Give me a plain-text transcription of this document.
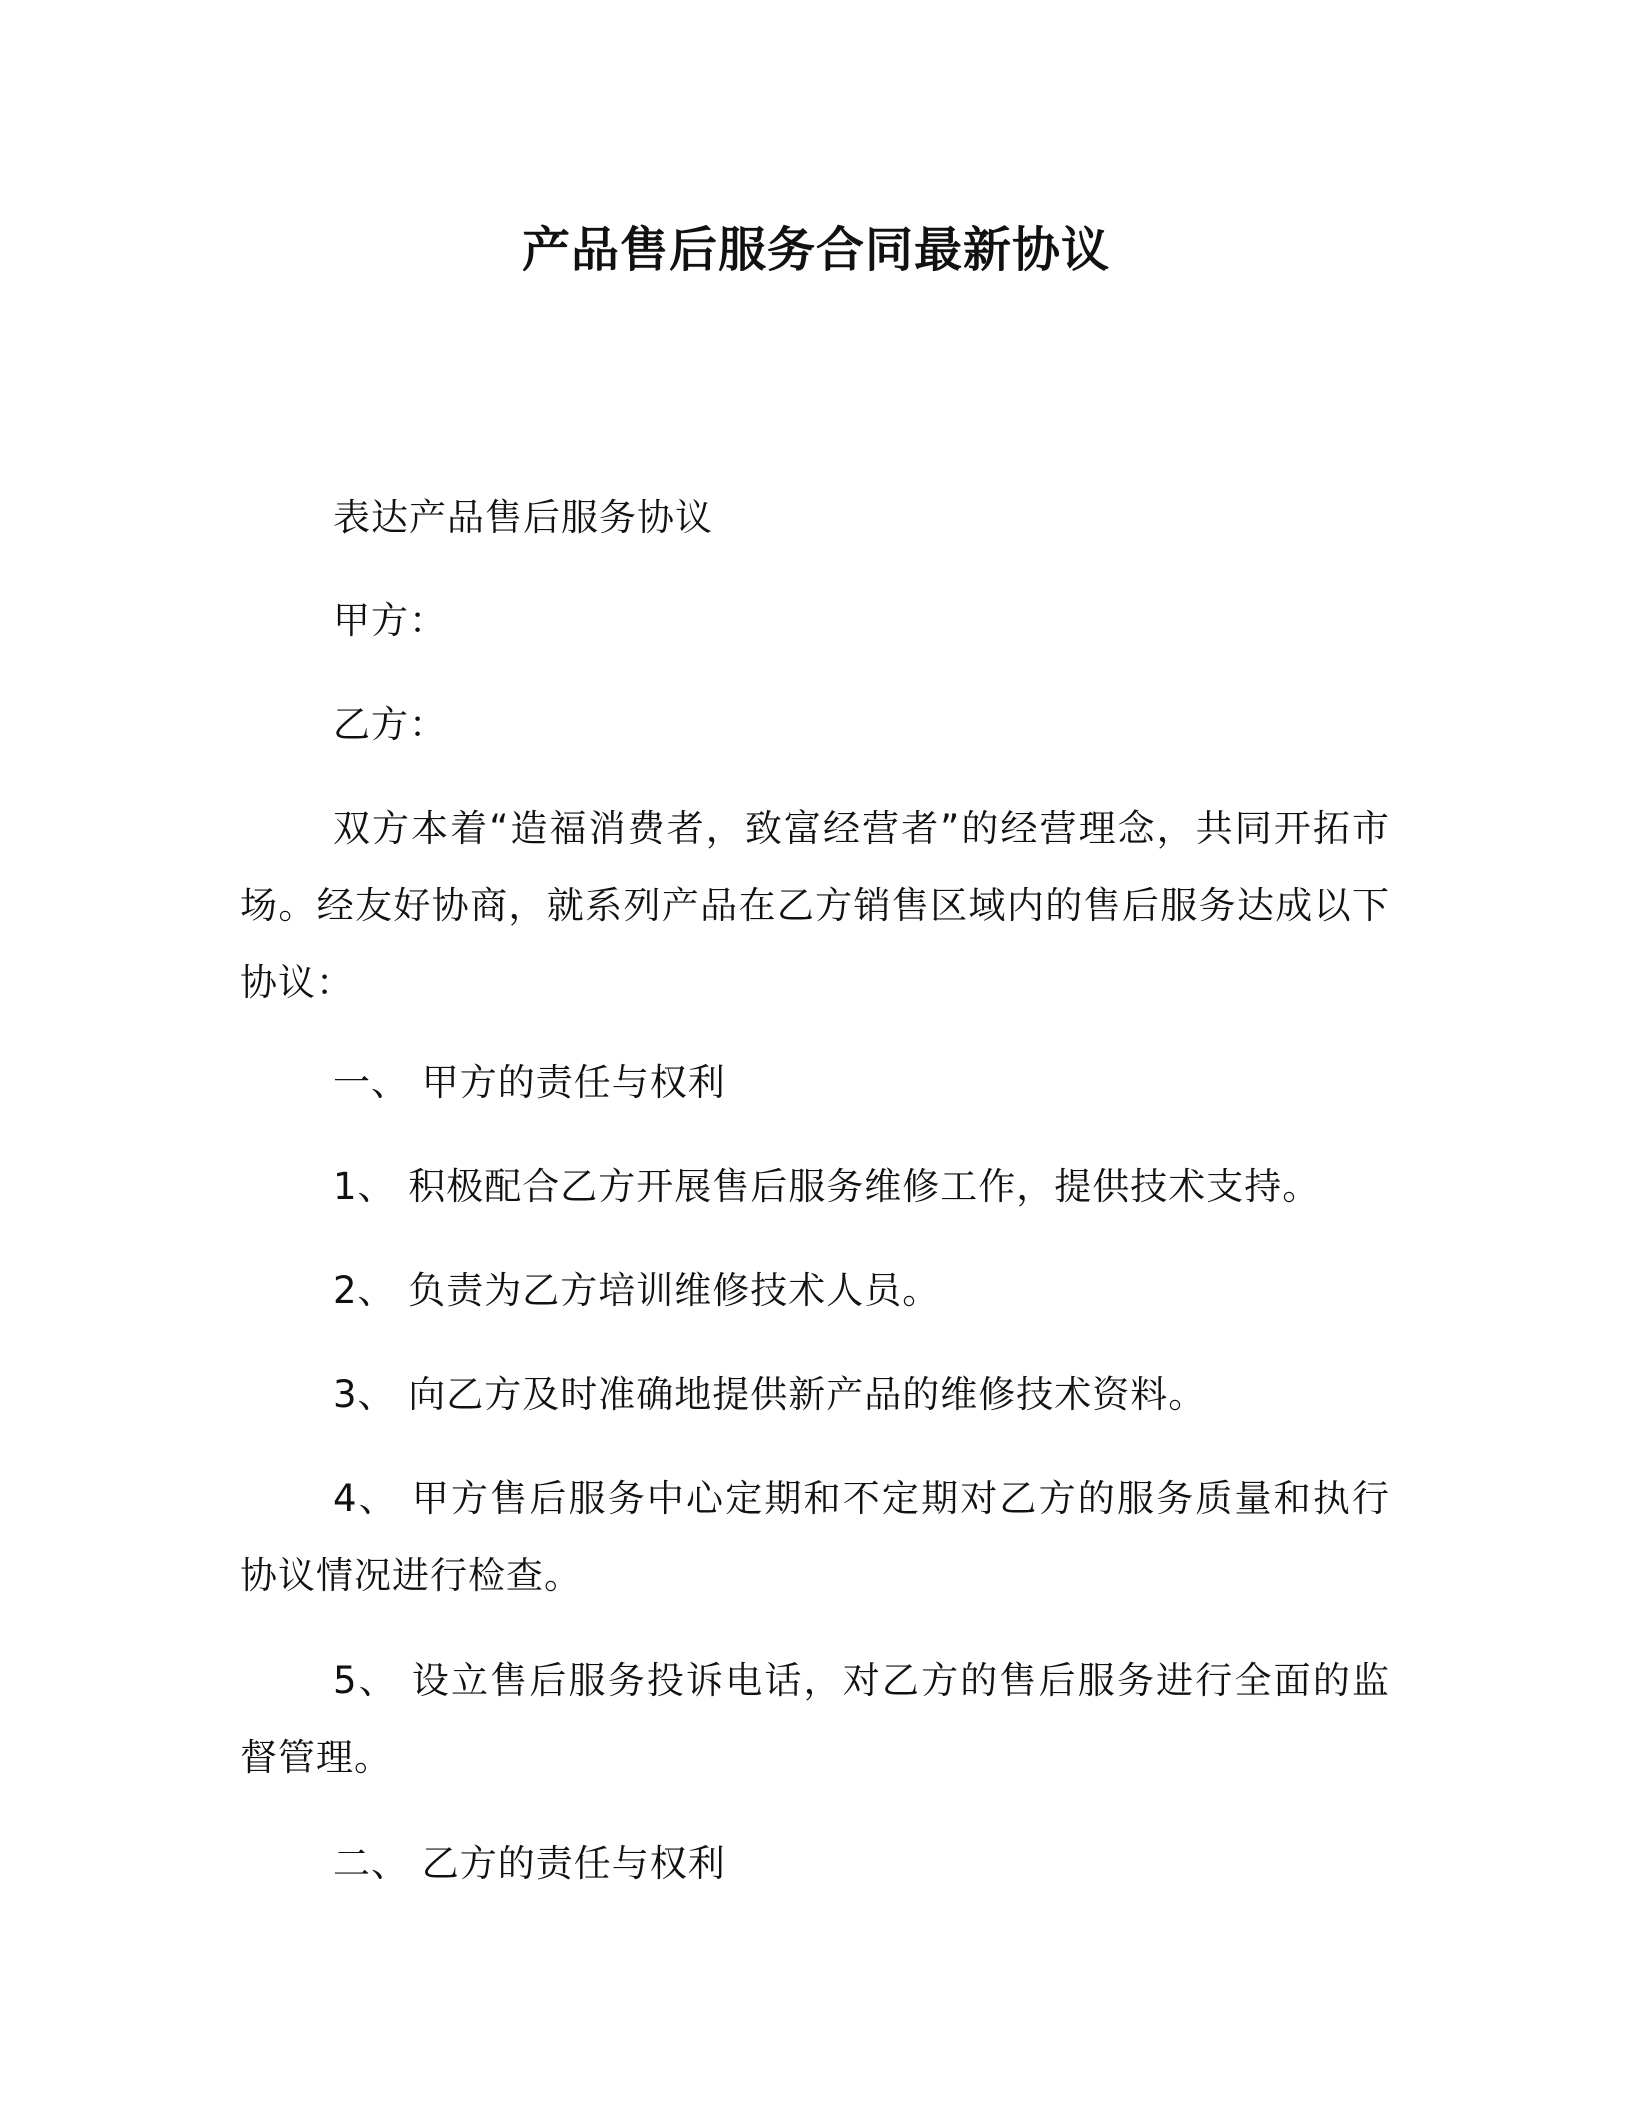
产品售后服务合同最新协议
表达产品售后服务协议
甲方：
乙方：
双方本着“造福消费者，致富经营者”的经营理念，共同开拓市场。经友好协商，就系列产品在乙方销售区域内的售后服务达成以下协议：
一、 甲方的责任与权利
1、 积极配合乙方开展售后服务维修工作，提供技术支持。
2、 负责为乙方培训维修技术人员。
3、 向乙方及时准确地提供新产品的维修技术资料。
4、 甲方售后服务中心定期和不定期对乙方的服务质量和执行协议情况进行检查。
5、 设立售后服务投诉电话，对乙方的售后服务进行全面的监督管理。
二、 乙方的责任与权利
